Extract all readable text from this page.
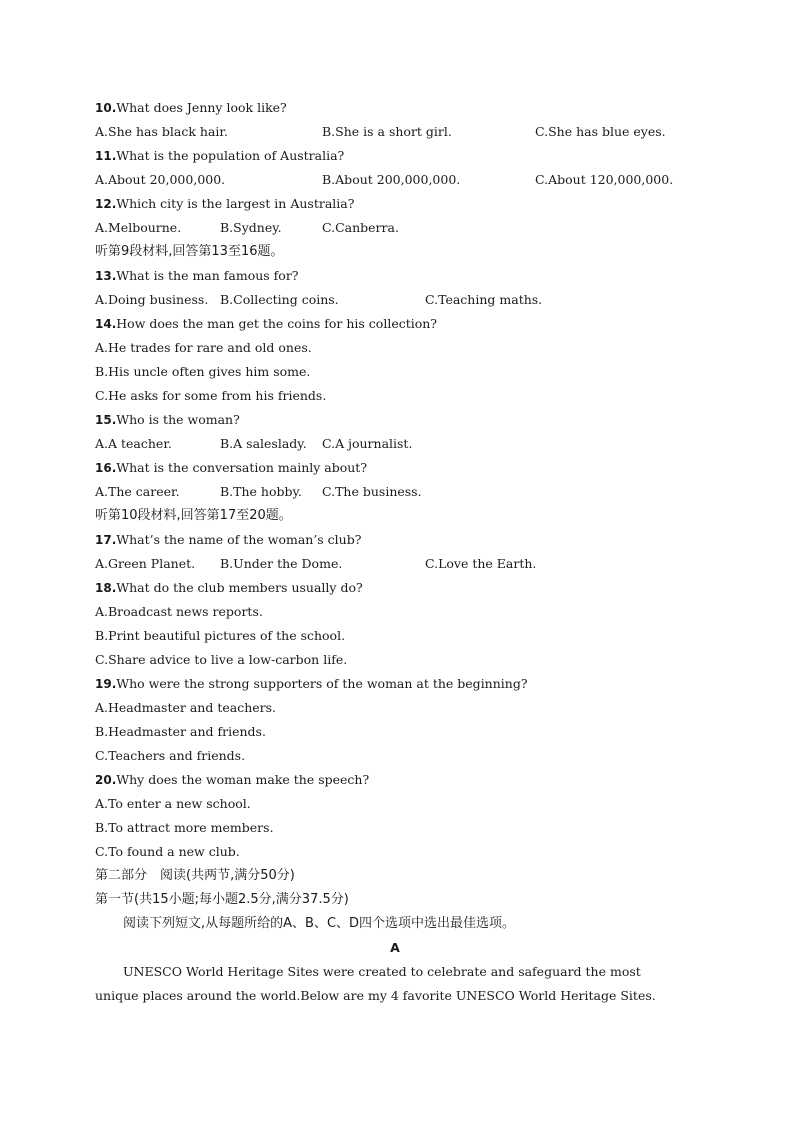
10.What does Jenny look like?
A.She has black hair.	B.She is a short girl.	C.She has blue eyes.
11.What is the population of Australia?
A.About 20,000,000.	B.About 200,000,000.	C.About 120,000,000.
12.Which city is the largest in Australia?
A.Melbourne.	B.Sydney.	C.Canberra.
听第9段材料,回答第13至16题。
13.What is the man famous for?
A.Doing business. B.Collecting coins.	C.Teaching maths.
14.How does the man get the coins for his collection?
A.He trades for rare and old ones.
B.His uncle often gives him some.
C.He asks for some from his friends.
15.Who is the woman?
A.A teacher.	B.A saleslady. C.A journalist.
16.What is the conversation mainly about?
A.The career.	B.The hobby. C.The business.
听第10段材料,回答第17至20题。
17.What’s the name of the woman’s club?
A.Green Planet. B.Under the Dome.	C.Love the Earth.
18.What do the club members usually do?
A.Broadcast news reports.
B.Print beautiful pictures of the school.
C.Share advice to live a low-carbon life.
19.Who were the strong supporters of the woman at the beginning?
A.Headmaster and teachers.
B.Headmaster and friends.
C.Teachers and friends.
20.Why does the woman make the speech?
A.To enter a new school.
B.To attract more members.
C.To found a new club.
第二部分　阅读(共两节,满分50分)
第一节(共15小题;每小题2.5分,满分37.5分)
阅读下列短文,从每题所给的A、B、C、D四个选项中选出最佳选项。
A
UNESCO World Heritage Sites were created to celebrate and safeguard the most
unique places around the world.Below are my 4 favorite UNESCO World Heritage Sites.
